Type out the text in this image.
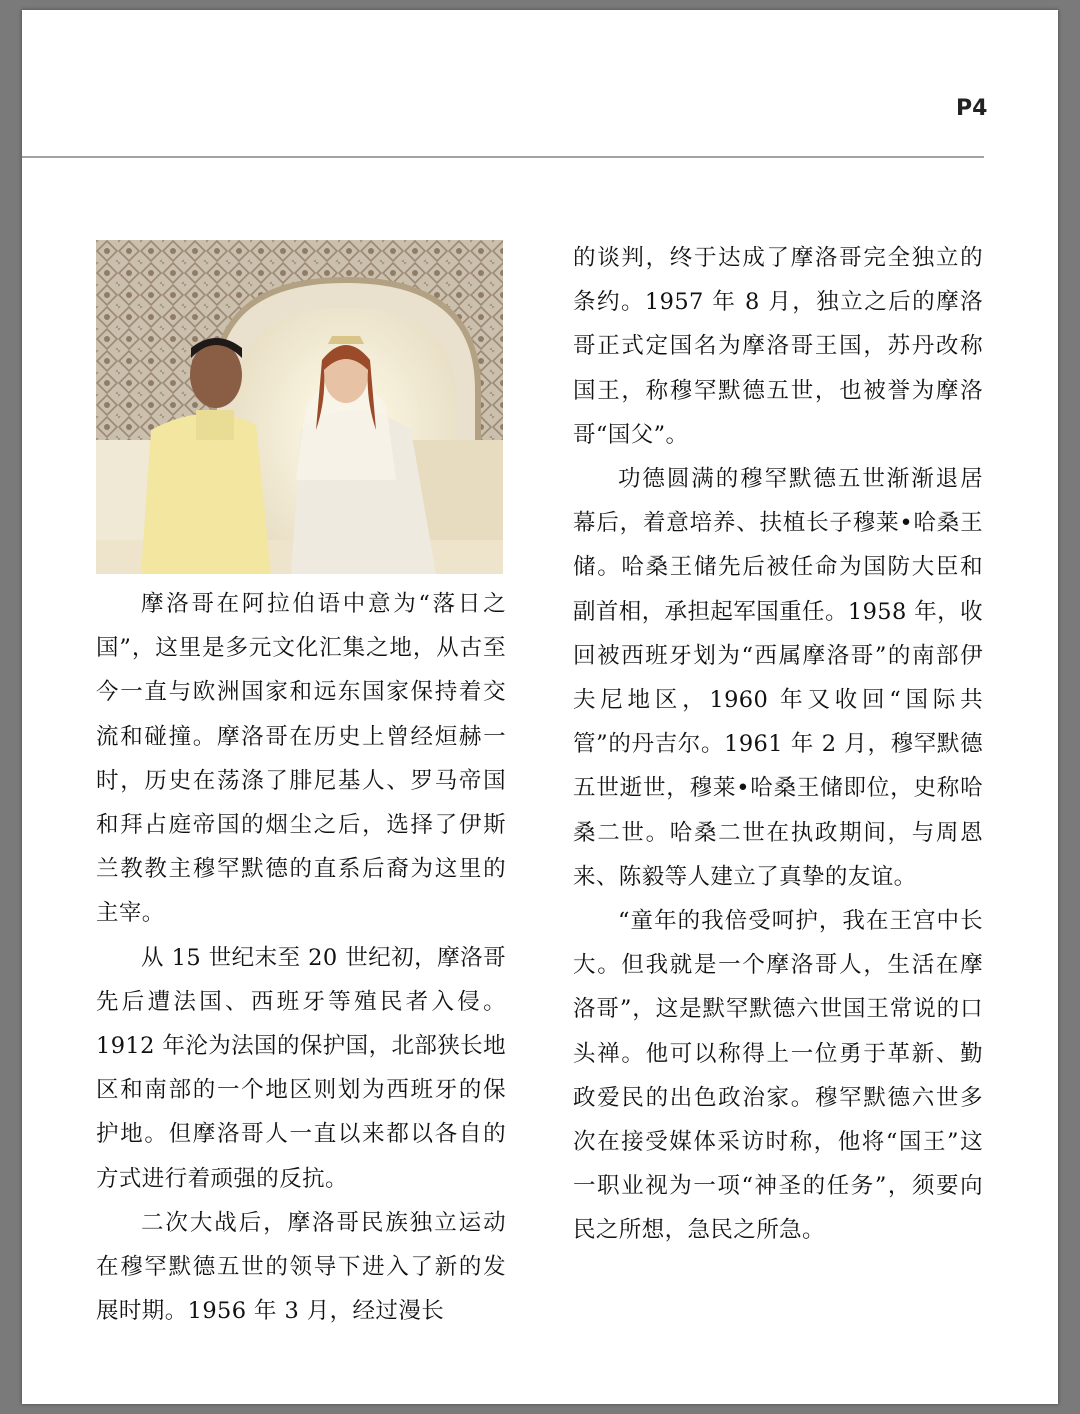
P4

摩洛哥在阿拉伯语中意为“落日之国”，这里是多元文化汇集之地，从古至今一直与欧洲国家和远东国家保持着交流和碰撞。摩洛哥在历史上曾经烜赫一时，历史在荡涤了腓尼基人、罗马帝国和拜占庭帝国的烟尘之后，选择了伊斯兰教教主穆罕默德的直系后裔为这里的主宰。

从 15 世纪末至 20 世纪初，摩洛哥先后遭法国、西班牙等殖民者入侵。1912 年沦为法国的保护国，北部狭长地区和南部的一个地区则划为西班牙的保护地。但摩洛哥人一直以来都以各自的方式进行着顽强的反抗。

二次大战后，摩洛哥民族独立运动在穆罕默德五世的领导下进入了新的发展时期。1956 年 3 月，经过漫长

的谈判，终于达成了摩洛哥完全独立的条约。1957 年 8 月，独立之后的摩洛哥正式定国名为摩洛哥王国，苏丹改称国王，称穆罕默德五世，也被誉为摩洛哥“国父”。

功德圆满的穆罕默德五世渐渐退居幕后，着意培养、扶植长子穆莱•哈桑王储。哈桑王储先后被任命为国防大臣和副首相，承担起军国重任。1958 年，收回被西班牙划为“西属摩洛哥”的南部伊夫尼地区，1960 年又收回“国际共管”的丹吉尔。1961 年 2 月，穆罕默德五世逝世，穆莱•哈桑王储即位，史称哈桑二世。哈桑二世在执政期间，与周恩来、陈毅等人建立了真挚的友谊。

“童年的我倍受呵护，我在王宫中长大。但我就是一个摩洛哥人，生活在摩洛哥”，这是默罕默德六世国王常说的口头禅。他可以称得上一位勇于革新、勤政爱民的出色政治家。穆罕默德六世多次在接受媒体采访时称，他将“国王”这一职业视为一项“神圣的任务”，须要向民之所想，急民之所急。
